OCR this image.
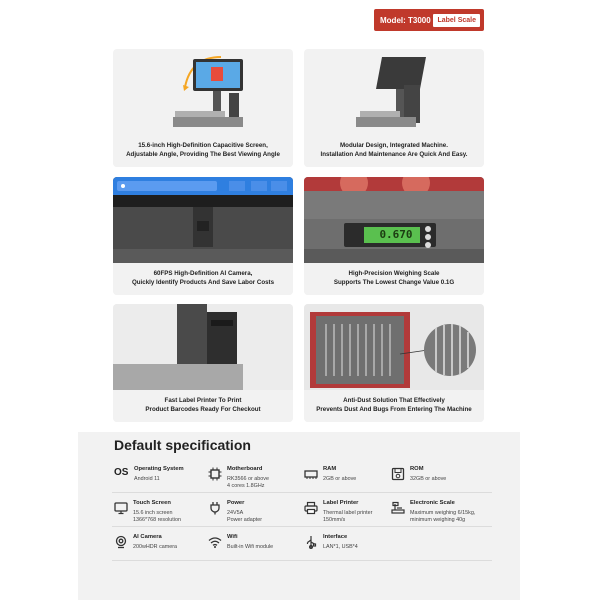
Model: T3000 Label Scale
15.6-inch High-Definition Capacitive Screen,
Adjustable Angle, Providing The Best Viewing Angle
Modular Design, Integrated Machine.
Installation And Maintenance Are Quick And Easy.
60FPS High-Definition AI Camera,
Quickly Identify Products And Save Labor Costs
0.670
High-Precision Weighing Scale
Supports The Lowest Change Value 0.1G
Fast Label Printer To Print
Product Barcodes Ready For Checkout
Anti-Dust Solution That Effectively
Prevents Dust And Bugs From Entering The Machine
Default specification
OS Operating System
Android 11
Motherboard
RK3566 or above
4 cores 1.8GHz
RAM
2GB or above
ROM
32GB or above
Touch Screen
15.6 inch screen
1366*768 resolution
Power
24V5A
Power adapter
Label Printer
Thermal label printer
150mm/s
Electronic Scale
Maximum weighing 6/15kg,
minimum weighing 40g
AI Camera
200wHDR camera
Wifi
Built-in Wifi module
Interface
LAN*1, USB*4
